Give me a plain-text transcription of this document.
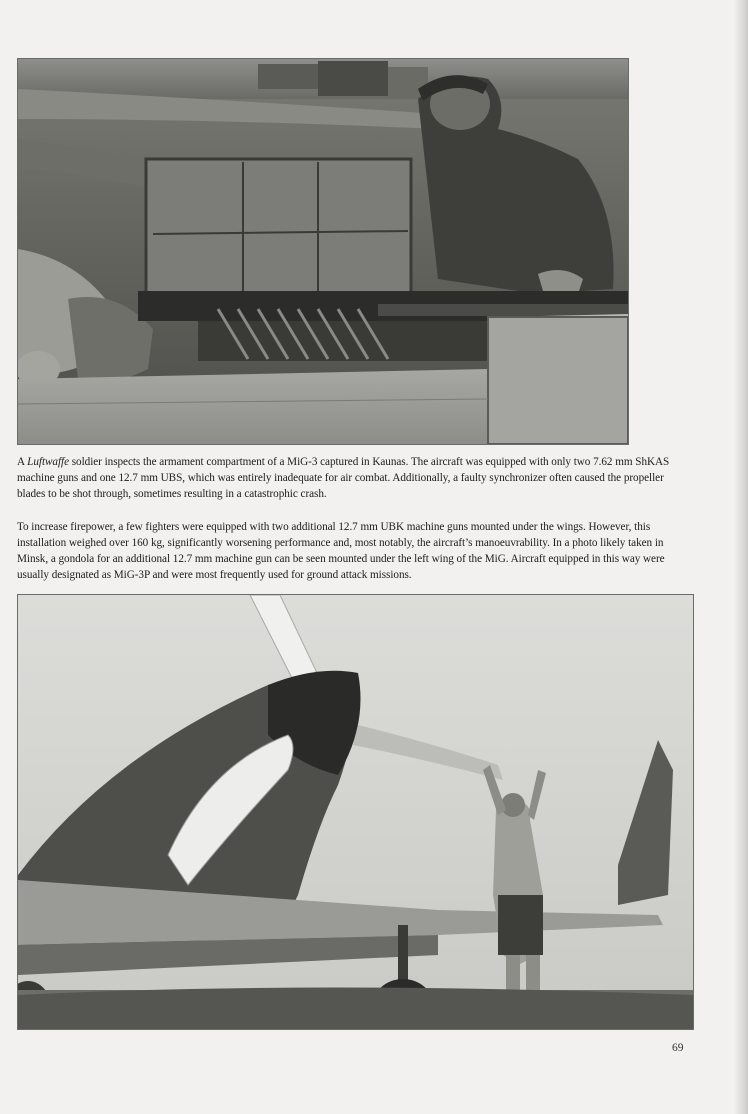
A Luftwaffe soldier inspects the armament compartment of a MiG-3 captured in Kaunas. The aircraft was equipped with only two 7.62 mm ShKAS machine guns and one 12.7 mm UBS, which was entirely inadequate for air combat. Additionally, a faulty synchronizer often caused the propeller blades to be shot through, sometimes resulting in a catastrophic crash.

To increase firepower, a few fighters were equipped with two additional 12.7 mm UBK machine guns mounted under the wings. However, this installation weighed over 160 kg, significantly worsening performance and, most notably, the aircraft’s manoeuvrability. In a photo likely taken in Minsk, a gondola for an additional 12.7 mm machine gun can be seen mounted under the left wing of the MiG. Aircraft equipped in this way were usually designated as MiG-3P and were most frequently used for ground attack missions.

69
